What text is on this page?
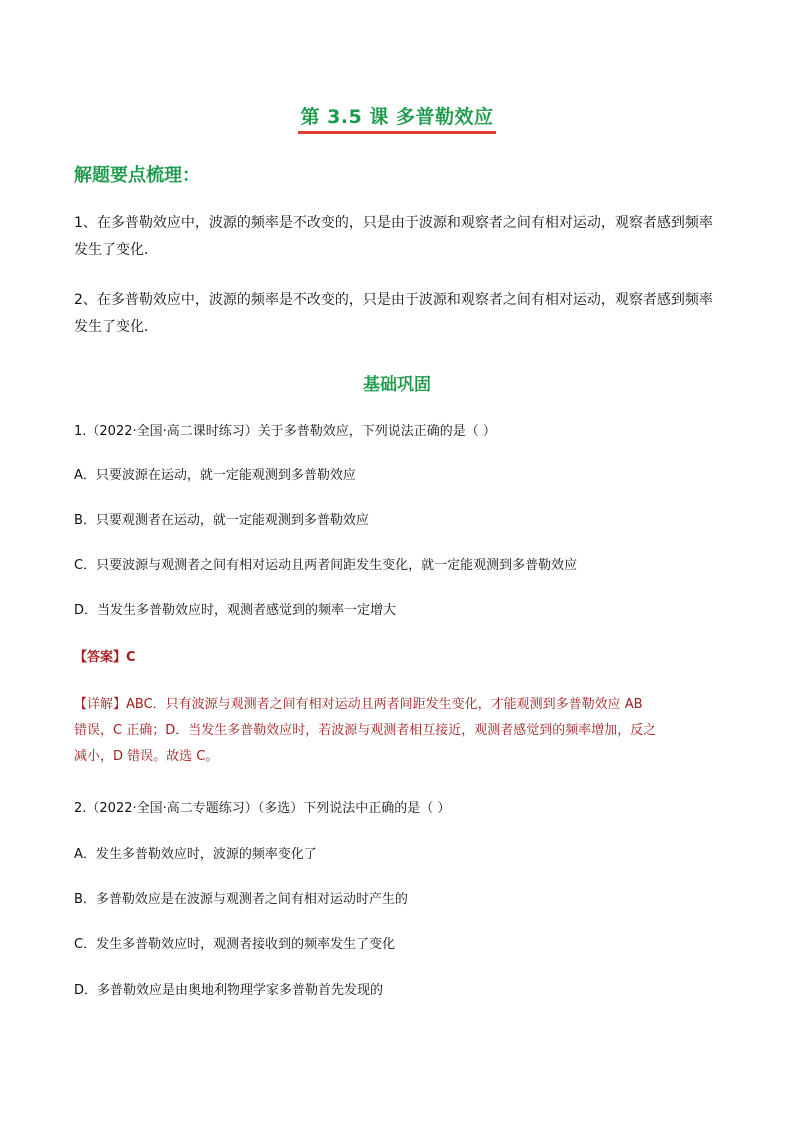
第 3.5 课 多普勒效应
解题要点梳理：
1、在多普勒效应中，波源的频率是不改变的，只是由于波源和观察者之间有相对运动，观察者感到频率发生了变化．
2、在多普勒效应中，波源的频率是不改变的，只是由于波源和观察者之间有相对运动，观察者感到频率发生了变化．
基础巩固
1.（2022·全国·高二课时练习）关于多普勒效应，下列说法正确的是（ ）
A．只要波源在运动，就一定能观测到多普勒效应
B．只要观测者在运动，就一定能观测到多普勒效应
C．只要波源与观测者之间有相对运动且两者间距发生变化，就一定能观测到多普勒效应
D．当发生多普勒效应时，观测者感觉到的频率一定增大
【答案】C
【详解】ABC．只有波源与观测者之间有相对运动且两者间距发生变化，才能观测到多普勒效应 AB
错误，C 正确；D．当发生多普勒效应时，若波源与观测者相互接近，观测者感觉到的频率增加，反之
减小，D 错误。故选 C。
2.（2022·全国·高二专题练习）（多选）下列说法中正确的是（ ）
A．发生多普勒效应时，波源的频率变化了
B．多普勒效应是在波源与观测者之间有相对运动时产生的
C．发生多普勒效应时，观测者接收到的频率发生了变化
D．多普勒效应是由奥地利物理学家多普勒首先发现的
